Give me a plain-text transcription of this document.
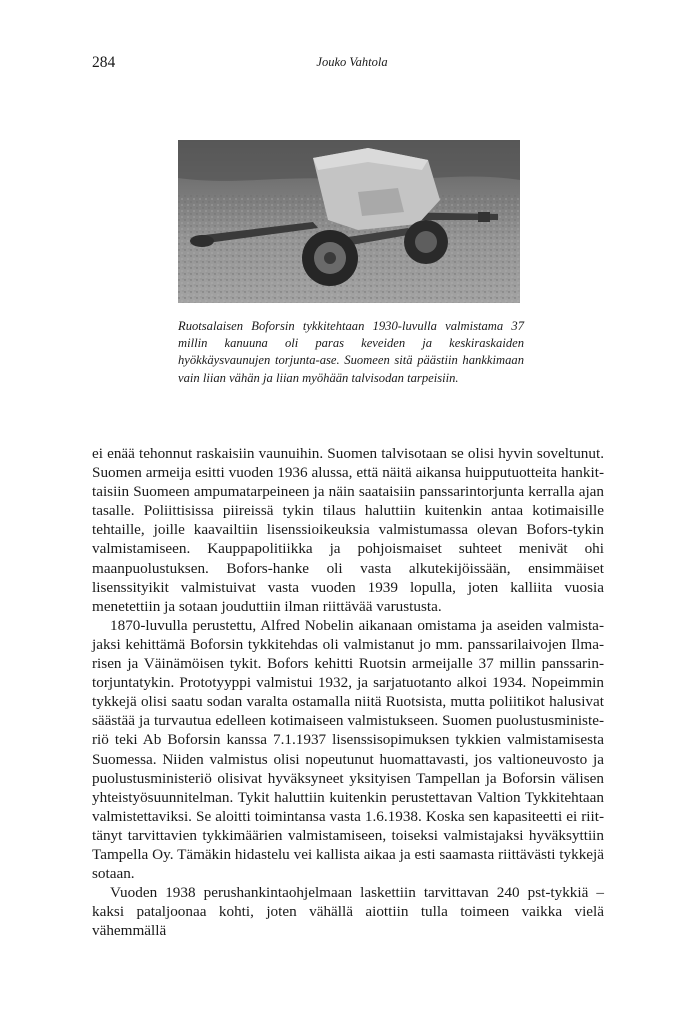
284	Jouko Vahtola

Ruotsalaisen Boforsin tykkitehtaan 1930-luvulla valmistama 37 millin kanuuna oli paras keveiden ja keskiraskaiden hyökkäysvaunujen torjunta-ase. Suomeen sitä päästiin hankkimaan vain liian vähän ja liian myöhään talvisodan tarpeisiin.

ei enää tehonnut raskaisiin vaunuihin. Suomen talvisotaan se olisi hyvin soveltunut. Suomen armeija esitti vuoden 1936 alussa, että näitä aikansa huipputuotteita hankittaisiin Suomeen ampumatarpeineen ja näin saataisiin panssarintorjunta kerralla ajan tasalle. Poliittisissa piireissä tykin tilaus haluttiin kuitenkin antaa kotimaisille tehtaille, joille kaavailtiin lisenssioikeuksia valmistumassa olevan Bofors-tykin valmistamiseen. Kauppapolitiikka ja pohjoismaiset suhteet menivät ohi maanpuolustuksen. Bofors-hanke oli vasta alkutekijöissään, ensimmäiset lisenssityikit valmistuivat vasta vuoden 1939 lopulla, joten kalliita vuosia menetettiin ja sotaan jouduttiin ilman riittävää varustusta.

1870-luvulla perustettu, Alfred Nobelin aikanaan omistama ja aseiden valmistajaksi kehittämä Boforsin tykkitehdas oli valmistanut jo mm. panssarilaivojen Ilmarisen ja Väinämöisen tykit. Bofors kehitti Ruotsin armeijalle 37 millin panssarintorjuntatykin. Prototyyppi valmistui 1932, ja sarjatuotanto alkoi 1934. Nopeimmin tykkejä olisi saatu sodan varalta ostamalla niitä Ruotsista, mutta poliitikot halusivat säästää ja turvautua edelleen kotimaiseen valmistukseen. Suomen puolustusministeriö teki Ab Boforsin kanssa 7.1.1937 lisenssisopimuksen tykkien valmistamisesta Suomessa. Niiden valmistus olisi nopeutunut huomattavasti, jos valtioneuvosto ja puolustusministeriö olisivat hyväksyneet yksityisen Tampellan ja Boforsin välisen yhteistyösuunnitelman. Tykit haluttiin kuitenkin perustettavan Valtion Tykkitehtaan valmistettaviksi. Se aloitti toimintansa vasta 1.6.1938. Koska sen kapasiteetti ei riittänyt tarvittavien tykkimäärien valmistamiseen, toiseksi valmistajaksi hyväksyttiin Tampella Oy. Tämäkin hidastelu vei kallista aikaa ja esti saamasta riittävästi tykkejä sotaan.

Vuoden 1938 perushankintaohjelmaan laskettiin tarvittavan 240 pst-tykkiä – kaksi pataljoonaa kohti, joten vähällä aiottiin tulla toimeen vaikka vielä vähemmällä
